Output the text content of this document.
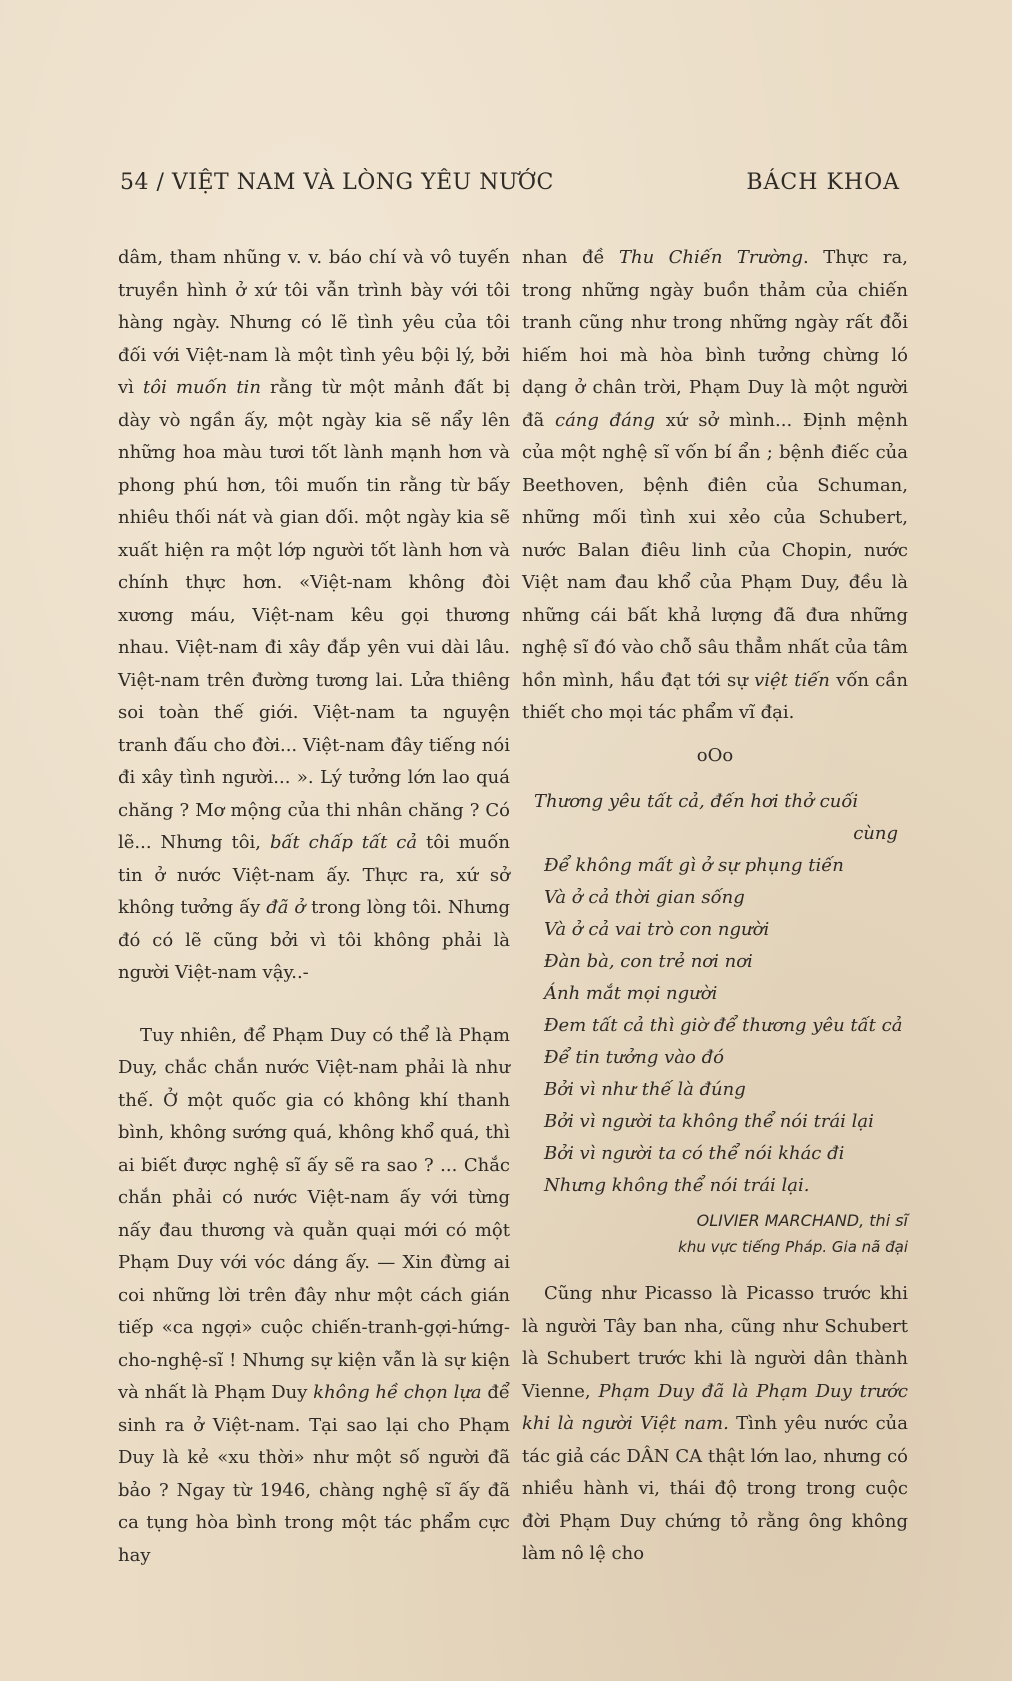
54 / VIỆT NAM VÀ LÒNG YÊU NƯỚC	BÁCH KHOA

dâm, tham nhũng v. v. báo chí và vô tuyến truyền hình ở xứ tôi vẫn trình bày với tôi hàng ngày. Nhưng có lẽ tình yêu của tôi đối với Việt-nam là một tình yêu bội lý, bởi vì tôi muốn tin rằng từ một mảnh đất bị dày vò ngần ấy, một ngày kia sẽ nẩy lên những hoa màu tươi tốt lành mạnh hơn và phong phú hơn, tôi muốn tin rằng từ bấy nhiêu thối nát và gian dối. một ngày kia sẽ xuất hiện ra một lớp người tốt lành hơn và chính thực hơn. «Việt-nam không đòi xương máu, Việt-nam kêu gọi thương nhau. Việt-nam đi xây đắp yên vui dài lâu. Việt-nam trên đường tương lai. Lửa thiêng soi toàn thế giới. Việt-nam ta nguyện tranh đấu cho đời... Việt-nam đây tiếng nói đi xây tình người... ». Lý tưởng lớn lao quá chăng ? Mơ mộng của thi nhân chăng ? Có lẽ... Nhưng tôi, bất chấp tất cả tôi muốn tin ở nước Việt-nam ấy. Thực ra, xứ sở không tưởng ấy đã ở trong lòng tôi. Nhưng đó có lẽ cũng bởi vì tôi không phải là người Việt-nam vậy..-

Tuy nhiên, để Phạm Duy có thể là Phạm Duy, chắc chắn nước Việt-nam phải là như thế. Ở một quốc gia có không khí thanh bình, không sướng quá, không khổ quá, thì ai biết được nghệ sĩ ấy sẽ ra sao ? ... Chắc chắn phải có nước Việt-nam ấy với từng nấy đau thương và quằn quại mới có một Phạm Duy với vóc dáng ấy. — Xin đừng ai coi những lời trên đây như một cách gián tiếp «ca ngợi» cuộc chiến-tranh-gợi-hứng-cho-nghệ-sĩ ! Nhưng sự kiện vẫn là sự kiện và nhất là Phạm Duy không hề chọn lựa để sinh ra ở Việt-nam. Tại sao lại cho Phạm Duy là kẻ «xu thời» như một số người đã bảo ? Ngay từ 1946, chàng nghệ sĩ ấy đã ca tụng hòa bình trong một tác phẩm cực hay

nhan đề Thu Chiến Trường. Thực ra, trong những ngày buồn thảm của chiến tranh cũng như trong những ngày rất đỗi hiếm hoi mà hòa bình tưởng chừng ló dạng ở chân trời, Phạm Duy là một người đã cáng đáng xứ sở mình... Định mệnh của một nghệ sĩ vốn bí ẩn ; bệnh điếc của Beethoven, bệnh điên của Schuman, những mối tình xui xẻo của Schubert, nước Balan điêu linh của Chopin, nước Việt nam đau khổ của Phạm Duy, đều là những cái bất khả lượng đã đưa những nghệ sĩ đó vào chỗ sâu thẳm nhất của tâm hồn mình, hầu đạt tới sự việt tiến vốn cần thiết cho mọi tác phẩm vĩ đại.

oOo
Thương yêu tất cả, đến hơi thở cuối
cùng
Để không mất gì ở sự phụng tiến
Và ở cả thời gian sống
Và ở cả vai trò con người
Đàn bà, con trẻ nơi nơi
Ánh mắt mọi người
Đem tất cả thì giờ để thương yêu tất cả
Để tin tưởng vào đó
Bởi vì như thế là đúng
Bởi vì người ta không thể nói trái lại
Bởi vì người ta có thể nói khác đi
Nhưng không thể nói trái lại.
OLIVIER MARCHAND, thi sĩ
khu vực tiếng Pháp. Gia nã đại

Cũng như Picasso là Picasso trước khi là người Tây ban nha, cũng như Schubert là Schubert trước khi là người dân thành Vienne, Phạm Duy đã là Phạm Duy trước khi là người Việt nam. Tình yêu nước của tác giả các DÂN CA thật lớn lao, nhưng có nhiều hành vi, thái độ trong trong cuộc đời Phạm Duy chứng tỏ rằng ông không làm nô lệ cho
